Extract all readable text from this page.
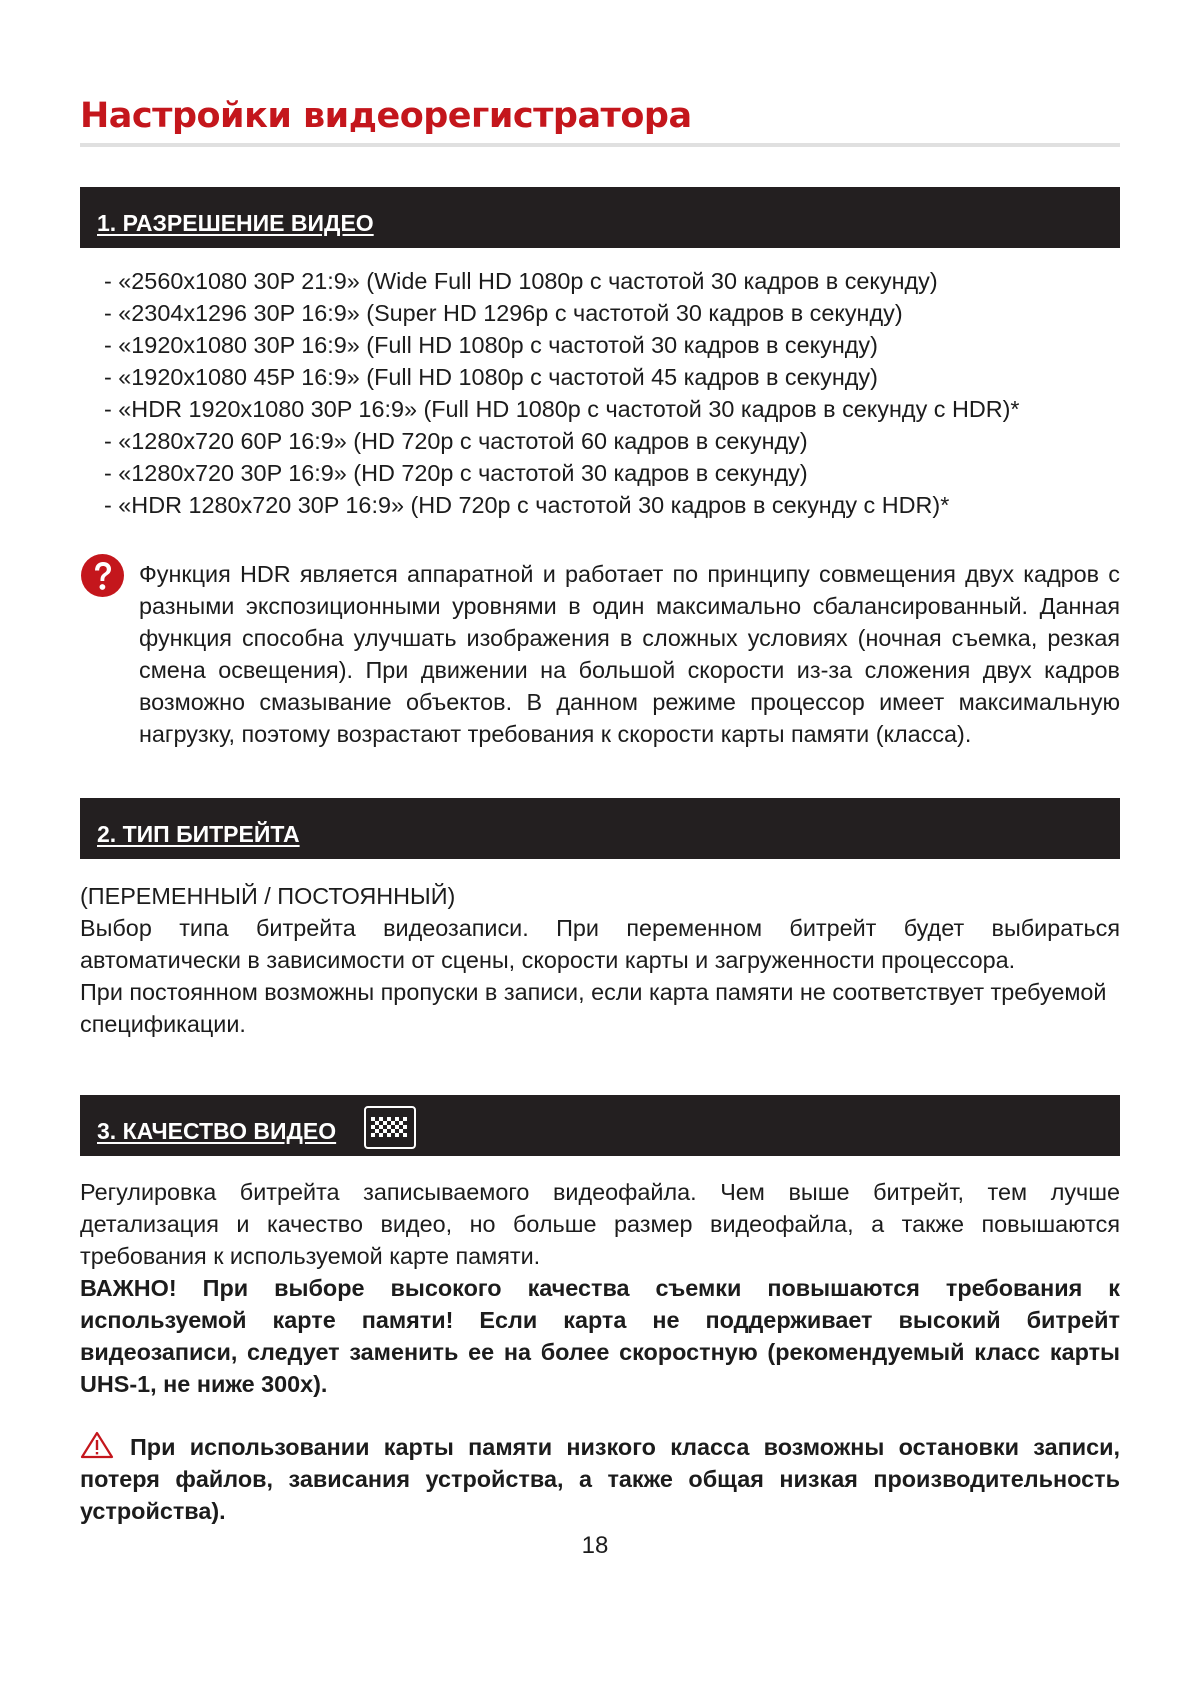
Настройки видеорегистратора
1. РАЗРЕШЕНИЕ ВИДЕО
- «2560x1080 30P 21:9» (Wide Full HD 1080p с частотой 30 кадров в секунду)
- «2304x1296 30P 16:9» (Super HD 1296p с частотой 30 кадров в секунду)
- «1920x1080 30P 16:9» (Full HD 1080p с частотой 30 кадров в секунду)
- «1920x1080 45P 16:9» (Full HD 1080p с частотой 45 кадров в секунду)
- «HDR 1920x1080 30P 16:9» (Full HD 1080p с частотой 30 кадров в секунду с HDR)*
- «1280x720 60P 16:9» (HD 720p с частотой 60 кадров в секунду)
- «1280x720 30P 16:9» (HD 720p с частотой 30 кадров в секунду)
- «HDR 1280x720 30P 16:9» (HD 720p с частотой 30 кадров в секунду с HDR)*

Функция HDR является аппаратной и работает по принципу совмещения двух кадров с разными экспозиционными уровнями в один максимально сбалансированный. Данная функция способна улучшать изображения в сложных условиях (ночная съемка, резкая смена освещения). При движении на большой скорости из-за сложения двух кадров возможно смазывание объектов. В данном режиме процессор имеет максимальную нагрузку, поэтому возрастают требования к скорости карты памяти (класса).

2. ТИП БИТРЕЙТА

(ПЕРЕМЕННЫЙ / ПОСТОЯННЫЙ)

Выбор типа битрейта видеозаписи. При переменном битрейт будет выбираться автоматически в зависимости от сцены, скорости карты и загруженности процессора.

При постоянном возможны пропуски в записи, если карта памяти не соответствует требуемой спецификации.

3. КАЧЕСТВО ВИДЕО

Регулировка битрейта записываемого видеофайла. Чем выше битрейт, тем лучше детализация и качество видео, но больше размер видеофайла, а также повышаются требования к используемой карте памяти.

ВАЖНО! При выборе высокого качества съемки повышаются требования к используемой карте памяти! Если карта не поддерживает высокий битрейт видеозаписи, следует заменить ее на более скоростную (рекомендуемый класс карты UHS-1, не ниже 300x).

При использовании карты памяти низкого класса возможны остановки записи, потеря файлов, зависания устройства, а также общая низкая производительность устройства).

18
